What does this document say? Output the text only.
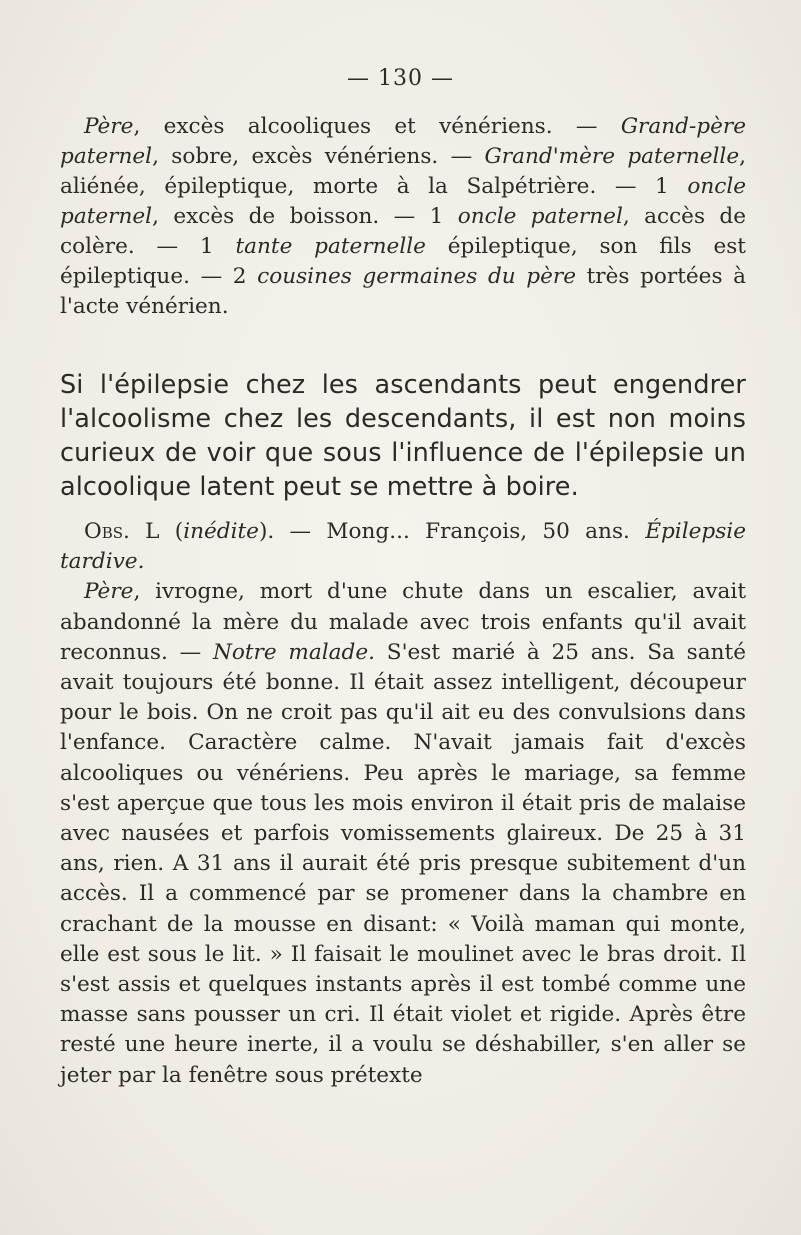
— 130 —
Père, excès alcooliques et vénériens. — Grand-père paternel, sobre, excès vénériens. — Grand'mère paternelle, aliénée, épileptique, morte à la Salpétrière. — 1 oncle paternel, excès de boisson. — 1 oncle paternel, accès de colère. — 1 tante paternelle épileptique, son fils est épileptique. — 2 cousines germaines du père très portées à l'acte vénérien.
Si l'épilepsie chez les ascendants peut engendrer l'alcoolisme chez les descendants, il est non moins curieux de voir que sous l'influence de l'épilepsie un alcoolique latent peut se mettre à boire.
Obs. L (inédite). — Mong... François, 50 ans. Épilepsie tardive.
Père, ivrogne, mort d'une chute dans un escalier, avait abandonné la mère du malade avec trois enfants qu'il avait reconnus. — Notre malade. S'est marié à 25 ans. Sa santé avait toujours été bonne. Il était assez intelligent, découpeur pour le bois. On ne croit pas qu'il ait eu des convulsions dans l'enfance. Caractère calme. N'avait jamais fait d'excès alcooliques ou vénériens. Peu après le mariage, sa femme s'est aperçue que tous les mois environ il était pris de malaise avec nausées et parfois vomissements glaireux. De 25 à 31 ans, rien. A 31 ans il aurait été pris presque subitement d'un accès. Il a commencé par se promener dans la chambre en crachant de la mousse en disant: « Voilà maman qui monte, elle est sous le lit. » Il faisait le moulinet avec le bras droit. Il s'est assis et quelques instants après il est tombé comme une masse sans pousser un cri. Il était violet et rigide. Après être resté une heure inerte, il a voulu se déshabiller, s'en aller se jeter par la fenêtre sous prétexte
